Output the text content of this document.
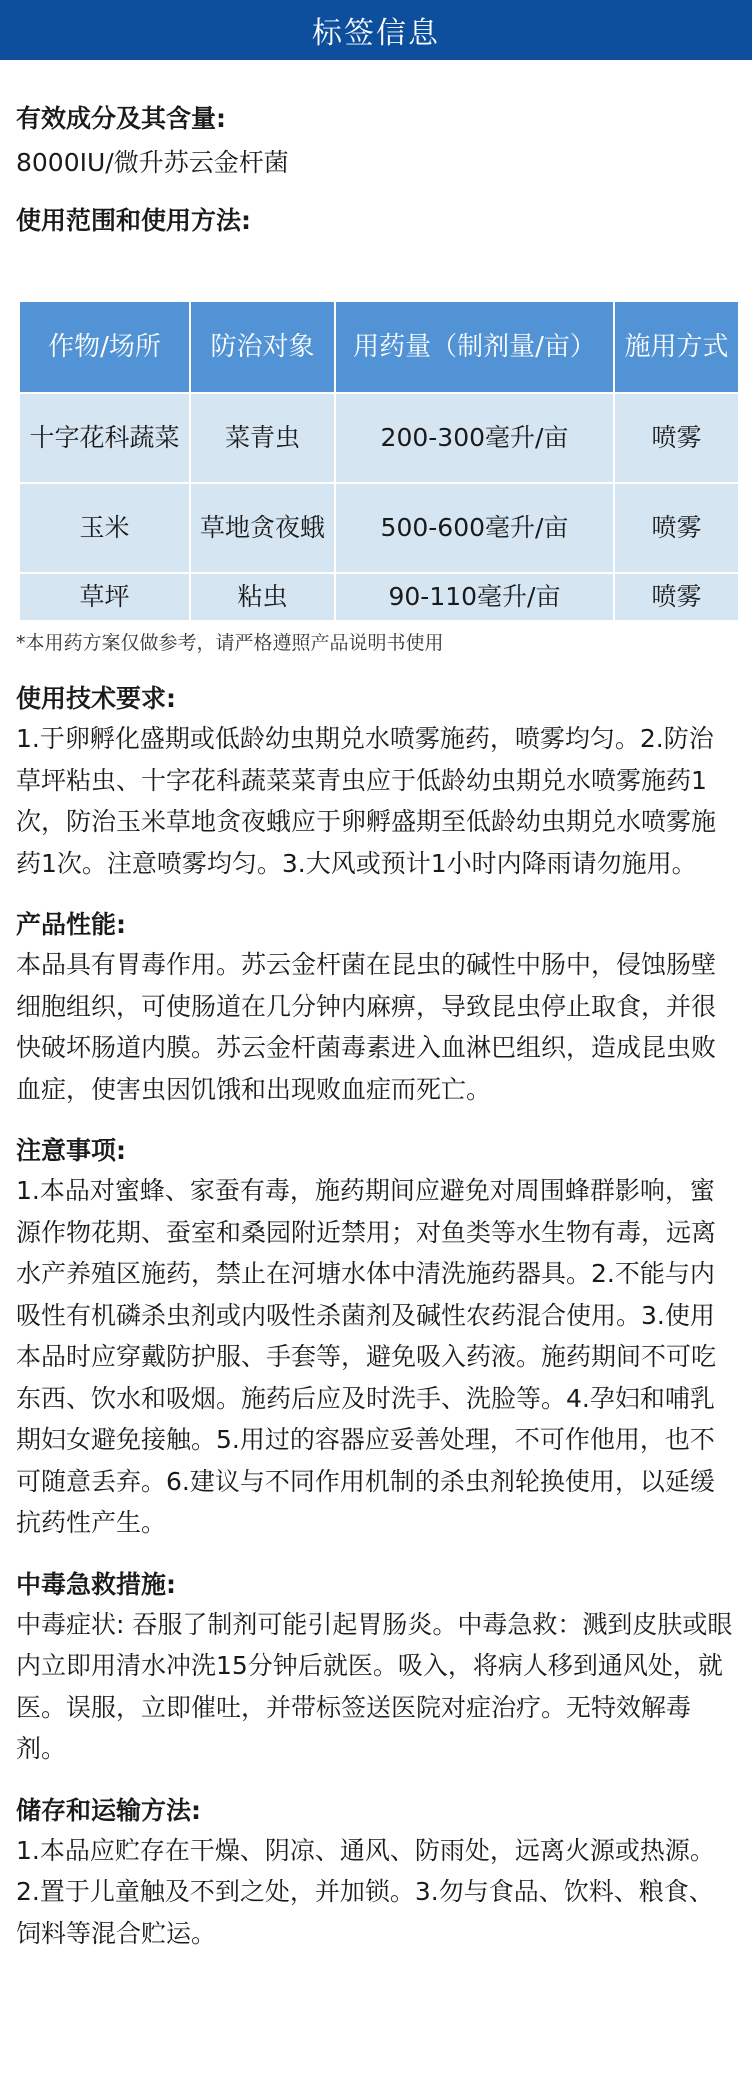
标签信息
有效成分及其含量:
8000IU/微升苏云金杆菌
使用范围和使用方法:
作物/场所	防治对象	用药量（制剂量/亩）	施用方式
十字花科蔬菜	菜青虫	200-300毫升/亩	喷雾
玉米	草地贪夜蛾	500-600毫升/亩	喷雾
草坪	粘虫	90-110毫升/亩	喷雾
*本用药方案仅做参考，请严格遵照产品说明书使用
使用技术要求:
1.于卵孵化盛期或低龄幼虫期兑水喷雾施药，喷雾均匀。2.防治草坪粘虫、十字花科蔬菜菜青虫应于低龄幼虫期兑水喷雾施药1次，防治玉米草地贪夜蛾应于卵孵盛期至低龄幼虫期兑水喷雾施药1次。注意喷雾均匀。3.大风或预计1小时内降雨请勿施用。
产品性能:
本品具有胃毒作用。苏云金杆菌在昆虫的碱性中肠中，侵蚀肠壁细胞组织，可使肠道在几分钟内麻痹，导致昆虫停止取食，并很快破坏肠道内膜。苏云金杆菌毒素进入血淋巴组织，造成昆虫败血症，使害虫因饥饿和出现败血症而死亡。
注意事项:
1.本品对蜜蜂、家蚕有毒，施药期间应避免对周围蜂群影响，蜜源作物花期、蚕室和桑园附近禁用；对鱼类等水生物有毒，远离水产养殖区施药，禁止在河塘水体中清洗施药器具。2.不能与内吸性有机磷杀虫剂或内吸性杀菌剂及碱性农药混合使用。3.使用本品时应穿戴防护服、手套等，避免吸入药液。施药期间不可吃东西、饮水和吸烟。施药后应及时洗手、洗脸等。4.孕妇和哺乳期妇女避免接触。5.用过的容器应妥善处理，不可作他用，也不可随意丢弃。6.建议与不同作用机制的杀虫剂轮换使用，以延缓抗药性产生。
中毒急救措施:
中毒症状: 吞服了制剂可能引起胃肠炎。中毒急救：溅到皮肤或眼内立即用清水冲洗15分钟后就医。吸入，将病人移到通风处，就医。误服，立即催吐，并带标签送医院对症治疗。无特效解毒剂。
储存和运输方法:
1.本品应贮存在干燥、阴凉、通风、防雨处，远离火源或热源。2.置于儿童触及不到之处，并加锁。3.勿与食品、饮料、粮食、饲料等混合贮运。
